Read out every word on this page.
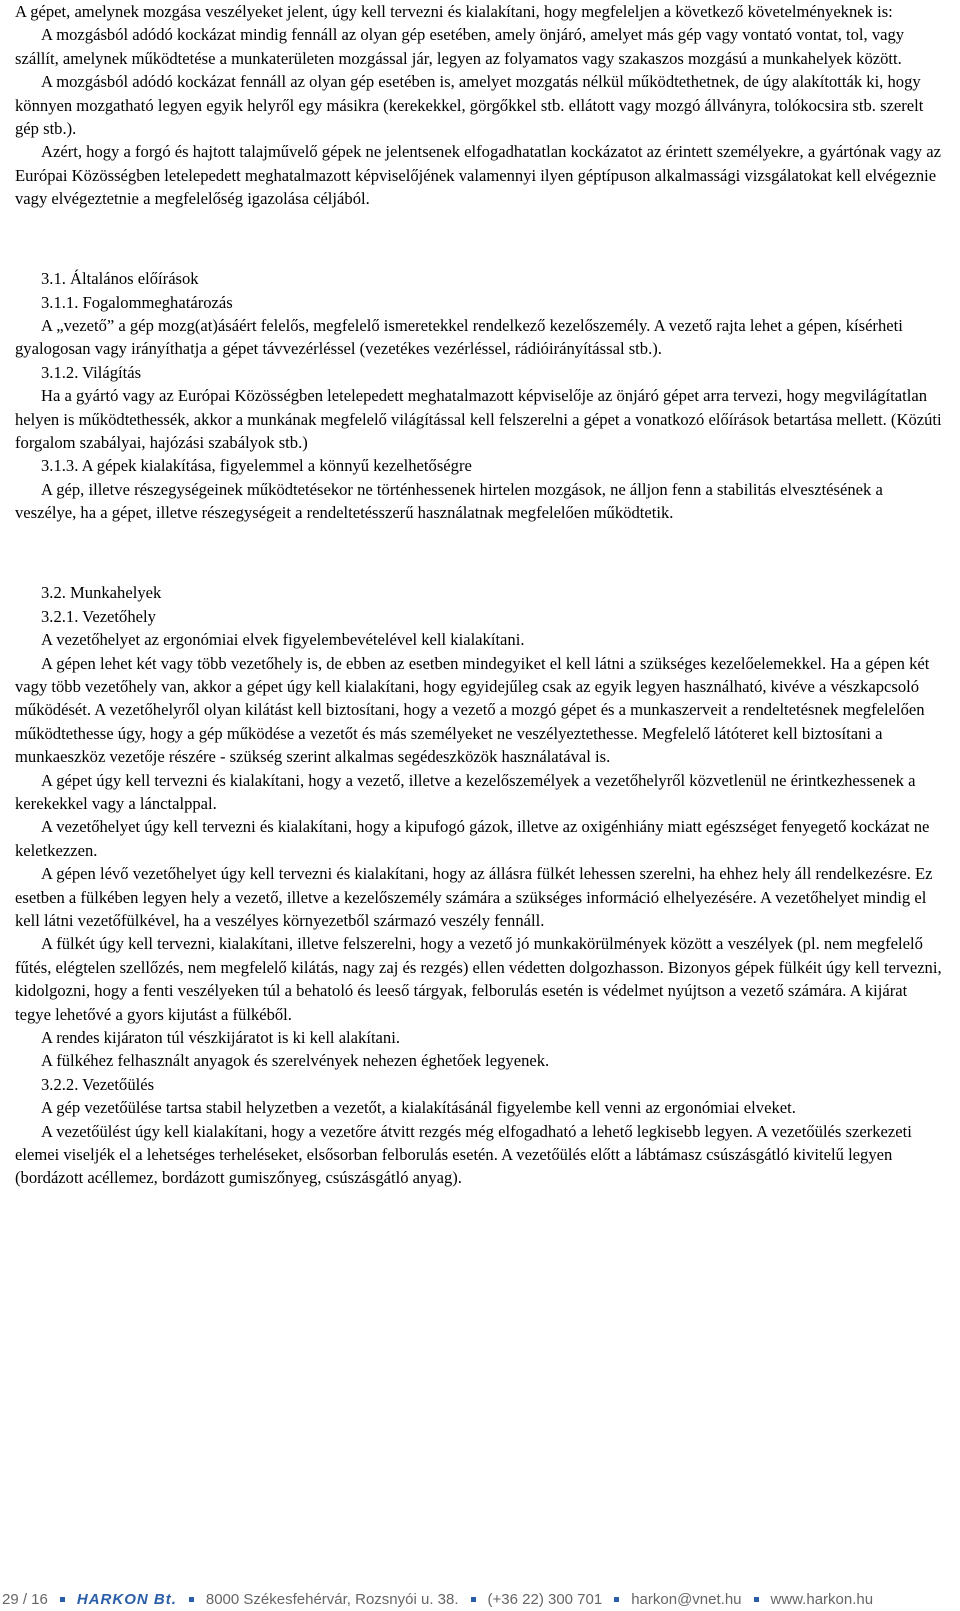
A gépet, amelynek mozgása veszélyeket jelent, úgy kell tervezni és kialakítani, hogy megfeleljen a következő követelményeknek is:

A mozgásból adódó kockázat mindig fennáll az olyan gép esetében, amely önjáró, amelyet más gép vagy vontató vontat, tol, vagy szállít, amelynek működtetése a munkaterületen mozgással jár, legyen az folyamatos vagy szakaszos mozgású a munkahelyek között.

A mozgásból adódó kockázat fennáll az olyan gép esetében is, amelyet mozgatás nélkül működtethetnek, de úgy alakították ki, hogy könnyen mozgatható legyen egyik helyről egy másikra (kerekekkel, görgőkkel stb. ellátott vagy mozgó állványra, tolókocsira stb. szerelt gép stb.).

Azért, hogy a forgó és hajtott talajművelő gépek ne jelentsenek elfogadhatatlan kockázatot az érintett személyekre, a gyártónak vagy az Európai Közösségben letelepedett meghatalmazott képviselőjének valamennyi ilyen géptípuson alkalmassági vizsgálatokat kell elvégeznie vagy elvégeztetnie a megfelelőség igazolása céljából.

3.1. Általános előírások

3.1.1. Fogalommeghatározás

A „vezető” a gép mozg(at)ásáért felelős, megfelelő ismeretekkel rendelkező kezelőszemély. A vezető rajta lehet a gépen, kísérheti gyalogosan vagy irányíthatja a gépet távvezérléssel (vezetékes vezérléssel, rádióirányítással stb.).

3.1.2. Világítás

Ha a gyártó vagy az Európai Közösségben letelepedett meghatalmazott képviselője az önjáró gépet arra tervezi, hogy megvilágítatlan helyen is működtethessék, akkor a munkának megfelelő világítással kell felszerelni a gépet a vonatkozó előírások betartása mellett. (Közúti forgalom szabályai, hajózási szabályok stb.)

3.1.3. A gépek kialakítása, figyelemmel a könnyű kezelhetőségre

A gép, illetve részegységeinek működtetésekor ne történhessenek hirtelen mozgások, ne álljon fenn a stabilitás elvesztésének a veszélye, ha a gépet, illetve részegységeit a rendeltetésszerű használatnak megfelelően működtetik.

3.2. Munkahelyek

3.2.1. Vezetőhely

A vezetőhelyet az ergonómiai elvek figyelembevételével kell kialakítani.

A gépen lehet két vagy több vezetőhely is, de ebben az esetben mindegyiket el kell látni a szükséges kezelőelemekkel. Ha a gépen két vagy több vezetőhely van, akkor a gépet úgy kell kialakítani, hogy egyidejűleg csak az egyik legyen használható, kivéve a vészkapcsoló működését. A vezetőhelyről olyan kilátást kell biztosítani, hogy a vezető a mozgó gépet és a munkaszerveit a rendeltetésnek megfelelően működtethesse úgy, hogy a gép működése a vezetőt és más személyeket ne veszélyeztethesse. Megfelelő látóteret kell biztosítani a munkaeszköz vezetője részére - szükség szerint alkalmas segédeszközök használatával is.

A gépet úgy kell tervezni és kialakítani, hogy a vezető, illetve a kezelőszemélyek a vezetőhelyről közvetlenül ne érintkezhessenek a kerekekkel vagy a lánctalppal.

A vezetőhelyet úgy kell tervezni és kialakítani, hogy a kipufogó gázok, illetve az oxigénhiány miatt egészséget fenyegető kockázat ne keletkezzen.

A gépen lévő vezetőhelyet úgy kell tervezni és kialakítani, hogy az állásra fülkét lehessen szerelni, ha ehhez hely áll rendelkezésre. Ez esetben a fülkében legyen hely a vezető, illetve a kezelőszemély számára a szükséges információ elhelyezésére. A vezetőhelyet mindig el kell látni vezetőfülkével, ha a veszélyes környezetből származó veszély fennáll.

A fülkét úgy kell tervezni, kialakítani, illetve felszerelni, hogy a vezető jó munkakörülmények között a veszélyek (pl. nem megfelelő fűtés, elégtelen szellőzés, nem megfelelő kilátás, nagy zaj és rezgés) ellen védetten dolgozhasson. Bizonyos gépek fülkéit úgy kell tervezni, kidolgozni, hogy a fenti veszélyeken túl a behatoló és leeső tárgyak, felborulás esetén is védelmet nyújtson a vezető számára. A kijárat tegye lehetővé a gyors kijutást a fülkéből.

A rendes kijáraton túl vészkijáratot is ki kell alakítani.

A fülkéhez felhasznált anyagok és szerelvények nehezen éghetőek legyenek.

3.2.2. Vezetőülés

A gép vezetőülése tartsa stabil helyzetben a vezetőt, a kialakításánál figyelembe kell venni az ergonómiai elveket.

A vezetőülést úgy kell kialakítani, hogy a vezetőre átvitt rezgés még elfogadható a lehető legkisebb legyen. A vezetőülés szerkezeti elemei viseljék el a lehetséges terheléseket, elsősorban felborulás esetén. A vezetőülés előtt a lábtámasz csúszásgátló kivitelű legyen (bordázott acéllemez, bordázott gumiszőnyeg, csúszásgátló anyag).

29 / 16 HARKON Bt. 8000 Székesfehérvár, Rozsnyói u. 38. (+36 22) 300 701 harkon@vnet.hu www.harkon.hu
